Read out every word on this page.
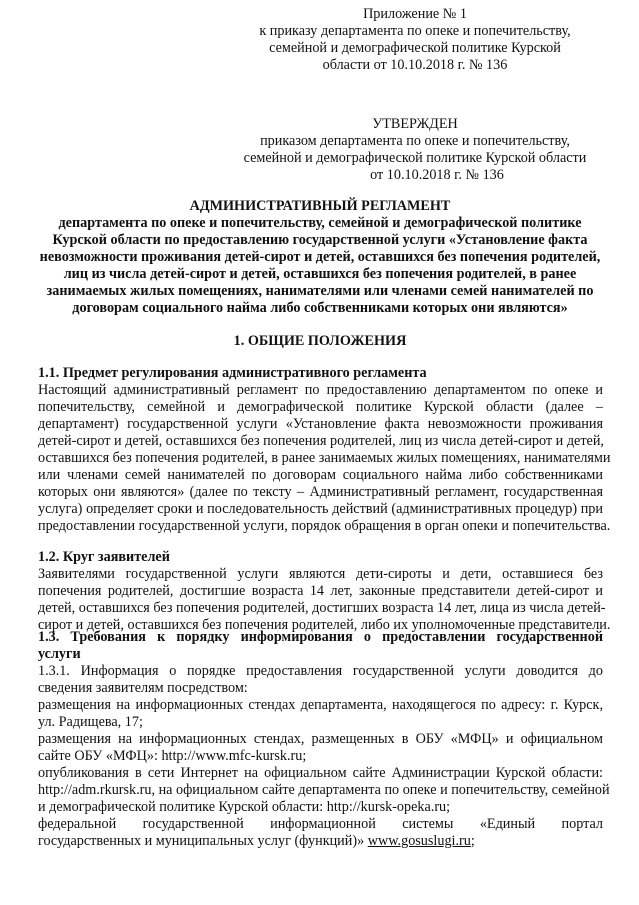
Приложение № 1
к приказу департамента по опеке и попечительству,
семейной и демографической политике Курской
области от 10.10.2018 г. № 136
УТВЕРЖДЕН
приказом департамента по опеке и попечительству,
семейной и демографической политике Курской области
от 10.10.2018 г. № 136
АДМИНИСТРАТИВНЫЙ РЕГЛАМЕНТ
департамента по опеке и попечительству, семейной и демографической политике
Курской области по предоставлению государственной услуги «Установление факта
невозможности проживания детей-сирот и детей, оставшихся без попечения родителей,
лиц из числа детей-сирот и детей, оставшихся без попечения родителей, в ранее
занимаемых жилых помещениях, нанимателями или членами семей нанимателей по
договорам социального найма либо собственниками которых они являются»
1. ОБЩИЕ ПОЛОЖЕНИЯ
1.1. Предмет регулирования административного регламента
Настоящий административный регламент по предоставлению департаментом по опеке и
попечительству, семейной и демографической политике Курской области (далее –
департамент) государственной услуги «Установление факта невозможности проживания
детей-сирот и детей, оставшихся без попечения родителей, лиц из числа детей-сирот и детей,
оставшихся без попечения родителей, в ранее занимаемых жилых помещениях, нанимателями
или членами семей нанимателей по договорам социального найма либо собственниками
которых они являются» (далее по тексту – Административный регламент, государственная
услуга) определяет сроки и последовательность действий (административных процедур) при
предоставлении государственной услуги, порядок обращения в орган опеки и попечительства.
1.2. Круг заявителей
Заявителями государственной услуги являются дети-сироты и дети, оставшиеся без
попечения родителей, достигшие возраста 14 лет, законные представители детей-сирот и
детей, оставшихся без попечения родителей, достигших возраста 14 лет, лица из числа детей-
сирот и детей, оставшихся без попечения родителей, либо их уполномоченные представители.
1.3. Требования к порядку информирования о предоставлении государственной
услуги
1.3.1. Информация о порядке предоставления государственной услуги доводится до
сведения заявителям посредством:
размещения на информационных стендах департамента, находящегося по адресу: г. Курск,
ул. Радищева, 17;
размещения на информационных стендах, размещенных в ОБУ «МФЦ» и официальном
сайте ОБУ «МФЦ»: http://www.mfc-kursk.ru;
опубликования в сети Интернет на официальном сайте Администрации Курской области:
http://adm.rkursk.ru, на официальном сайте департамента по опеке и попечительству, семейной
и демографической политике Курской области: http://kursk-opeka.ru;
федеральной государственной информационной системы «Единый портал
государственных и муниципальных услуг (функций)» www.gosuslugi.ru;
